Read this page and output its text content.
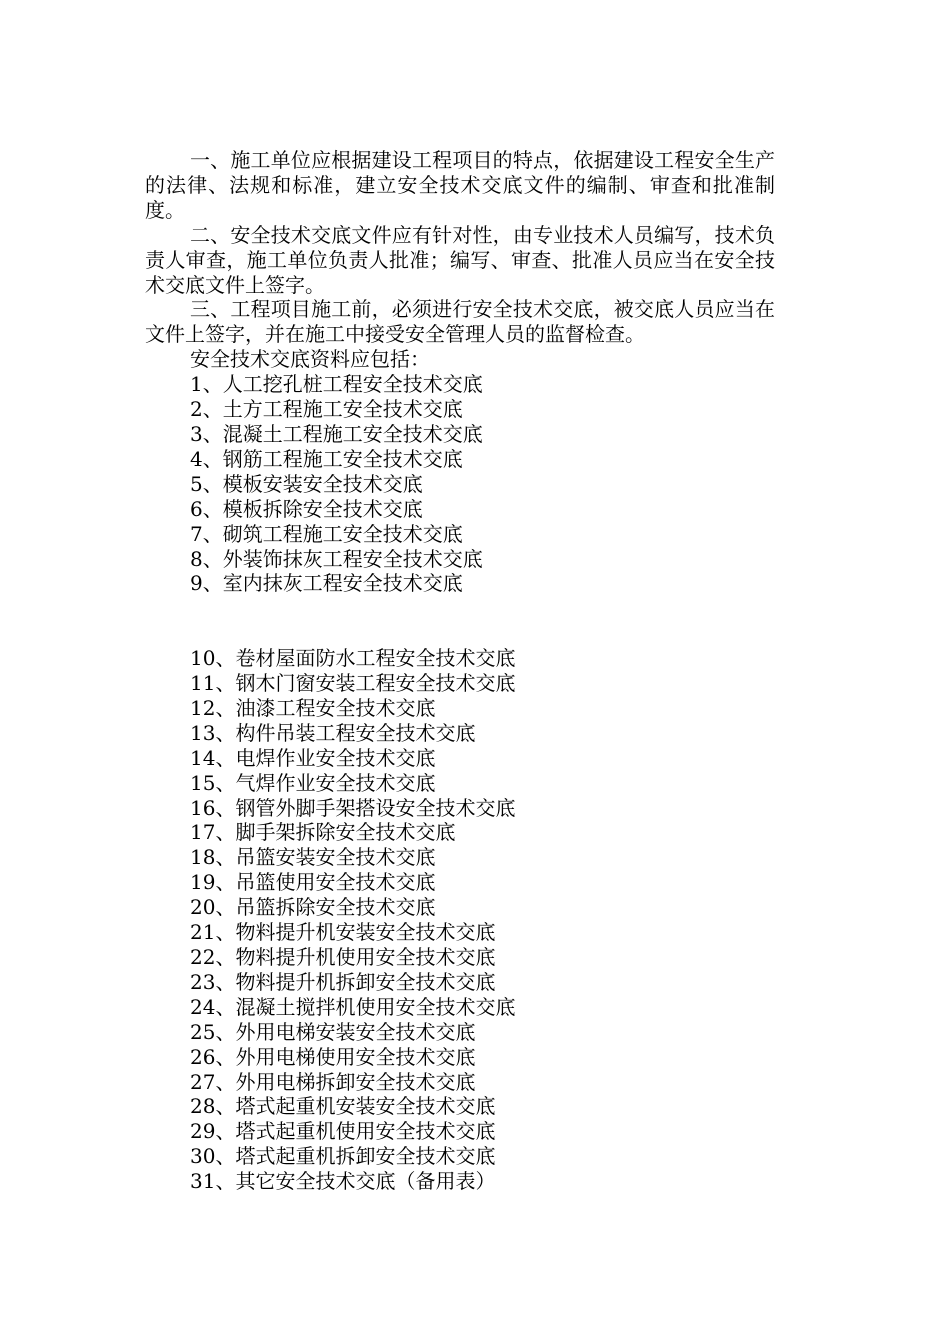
一、施工单位应根据建设工程项目的特点，依据建设工程安全生产的法律、法规和标准，建立安全技术交底文件的编制、审查和批准制度。

二、安全技术交底文件应有针对性，由专业技术人员编写，技术负责人审查，施工单位负责人批准；编写、审查、批准人员应当在安全技术交底文件上签字。

三、工程项目施工前，必须进行安全技术交底，被交底人员应当在文件上签字，并在施工中接受安全管理人员的监督检查。

安全技术交底资料应包括：

1、人工挖孔桩工程安全技术交底
2、土方工程施工安全技术交底
3、混凝土工程施工安全技术交底
4、钢筋工程施工安全技术交底
5、模板安装安全技术交底
6、模板拆除安全技术交底
7、砌筑工程施工安全技术交底
8、外装饰抹灰工程安全技术交底
9、室内抹灰工程安全技术交底
10、卷材屋面防水工程安全技术交底
11、钢木门窗安装工程安全技术交底
12、油漆工程安全技术交底
13、构件吊装工程安全技术交底
14、电焊作业安全技术交底
15、气焊作业安全技术交底
16、钢管外脚手架搭设安全技术交底
17、脚手架拆除安全技术交底
18、吊篮安装安全技术交底
19、吊篮使用安全技术交底
20、吊篮拆除安全技术交底
21、物料提升机安装安全技术交底
22、物料提升机使用安全技术交底
23、物料提升机拆卸安全技术交底
24、混凝土搅拌机使用安全技术交底
25、外用电梯安装安全技术交底
26、外用电梯使用安全技术交底
27、外用电梯拆卸安全技术交底
28、塔式起重机安装安全技术交底
29、塔式起重机使用安全技术交底
30、塔式起重机拆卸安全技术交底
31、其它安全技术交底（备用表）
